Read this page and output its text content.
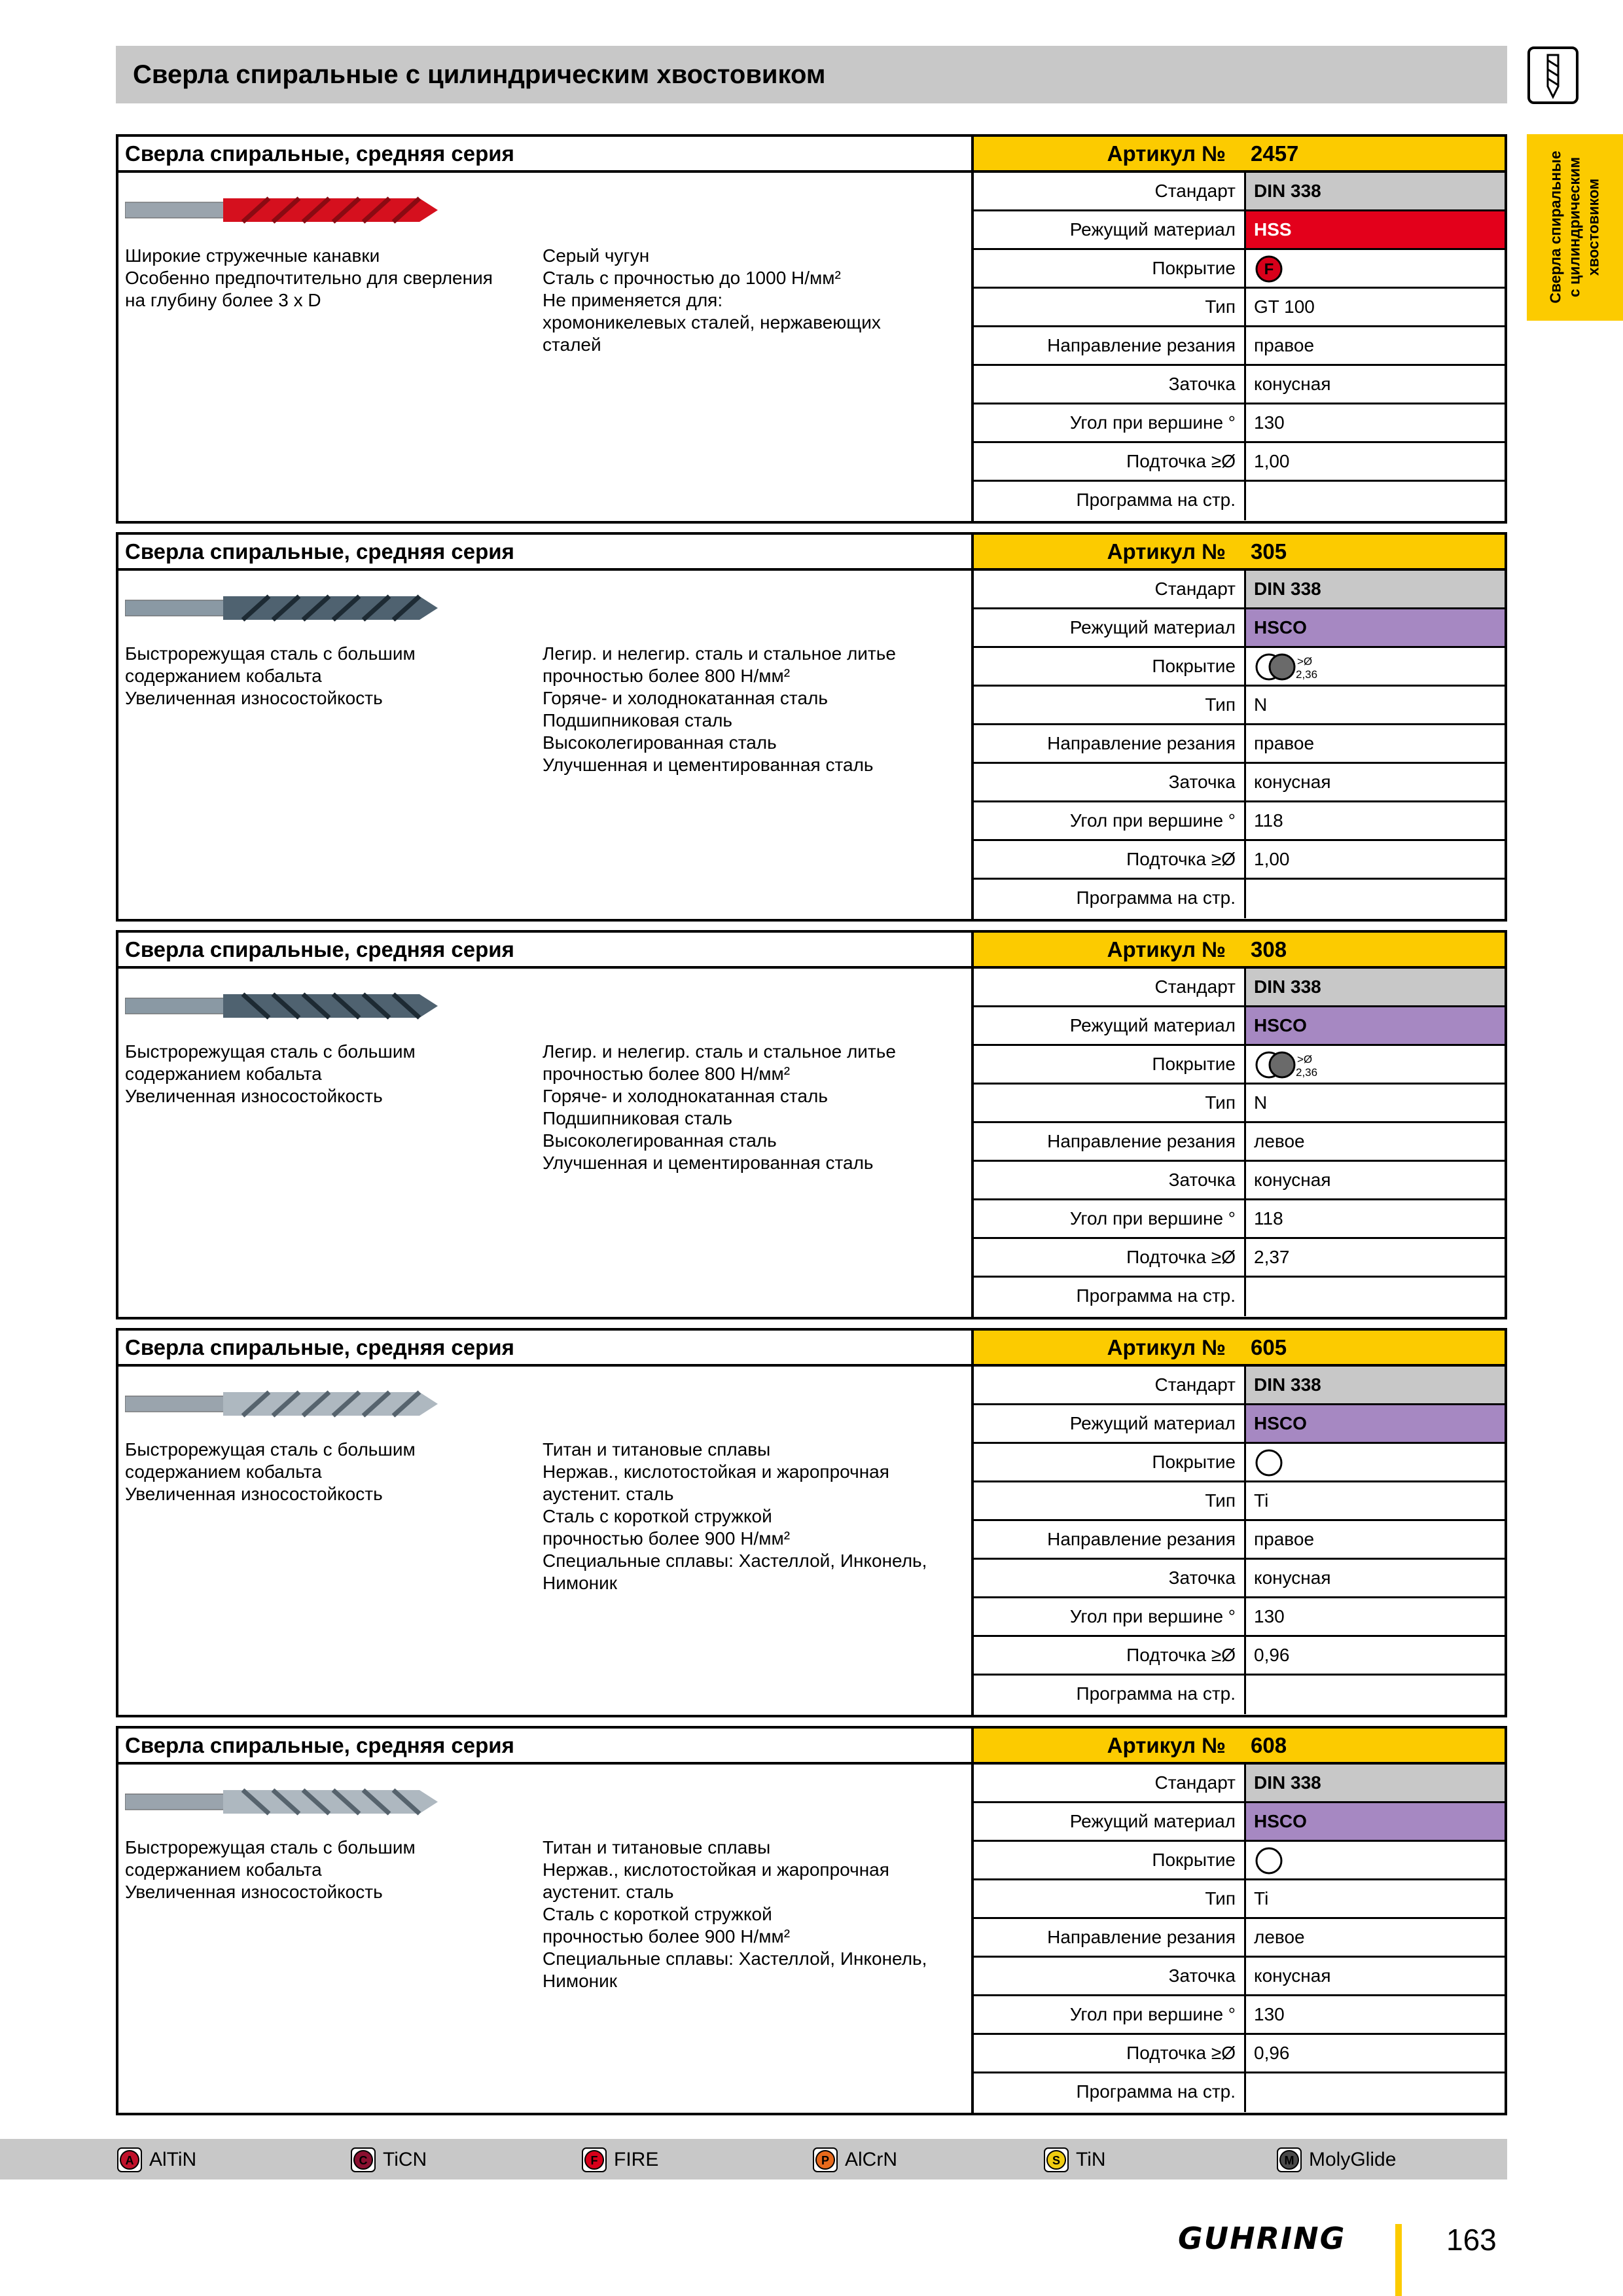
Сверла спиральные с цилиндрическим хвостовиком
Сверла спиральные
с цилиндрическим
хвостовиком
Сверла спиральные, средняя серия	Артикул № 2457
Широкие стружечные канавки
Особенно предпочтительно для сверления
на глубину более 3 x D
Серый чугун
Сталь с прочностью до 1000 Н/мм²
Не применяется для:
хромоникелевых сталей, нержавеющих
сталей
Стандарт	DIN 338
Режущий материал	HSS
Покрытие F
Тип	GT 100
Направление резания	правое
Заточка	конусная
Угол при вершине °	130
Подточка ≥Ø	1,00
Программа на стр.
Сверла спиральные, средняя серия	Артикул № 305
Быстрорежущая сталь с большим
содержанием кобальта
Увеличенная износостойкость
Легир. и нелегир. сталь и стальное литье
прочностью более 800 Н/мм²
Горяче- и холоднокатанная сталь
Подшипниковая сталь
Высоколегированная сталь
Улучшенная и цементированная сталь
Стандарт	DIN 338
Режущий материал	HSCO
Покрытие	>Ø
2,36
Тип	N
Направление резания	правое
Заточка	конусная
Угол при вершине °	118
Подточка ≥Ø	1,00
Программа на стр.
Сверла спиральные, средняя серия	Артикул № 308
Быстрорежущая сталь с большим
содержанием кобальта
Увеличенная износостойкость
Легир. и нелегир. сталь и стальное литье
прочностью более 800 Н/мм²
Горяче- и холоднокатанная сталь
Подшипниковая сталь
Высоколегированная сталь
Улучшенная и цементированная сталь
Стандарт	DIN 338
Режущий материал	HSCO
Покрытие	>Ø
2,36
Тип	N
Направление резания	левое
Заточка	конусная
Угол при вершине °	118
Подточка ≥Ø	2,37
Программа на стр.
Сверла спиральные, средняя серия	Артикул № 605
Быстрорежущая сталь с большим
содержанием кобальта
Увеличенная износостойкость
Титан и титановые сплавы
Нержав., кислотостойкая и жаропрочная
аустенит. сталь
Сталь с короткой стружкой
прочностью более 900 Н/мм²
Специальные сплавы: Хастеллой, Инконель,
Нимоник
Стандарт	DIN 338
Режущий материал	HSCO
Покрытие
Тип	Ti
Направление резания	правое
Заточка	конусная
Угол при вершине °	130
Подточка ≥Ø	0,96
Программа на стр.
Сверла спиральные, средняя серия	Артикул № 608
Быстрорежущая сталь с большим
содержанием кобальта
Увеличенная износостойкость
Титан и титановые сплавы
Нержав., кислотостойкая и жаропрочная
аустенит. сталь
Сталь с короткой стружкой
прочностью более 900 Н/мм²
Специальные сплавы: Хастеллой, Инконель,
Нимоник
Стандарт	DIN 338
Режущий материал	HSCO
Покрытие
Тип	Ti
Направление резания	левое
Заточка	конусная
Угол при вершине °	130
Подточка ≥Ø	0,96
Программа на стр.
A AlTiN	C TiCN	F FIRE	P AlCrN	S TiN	M MolyGlide
GUHRING	163
